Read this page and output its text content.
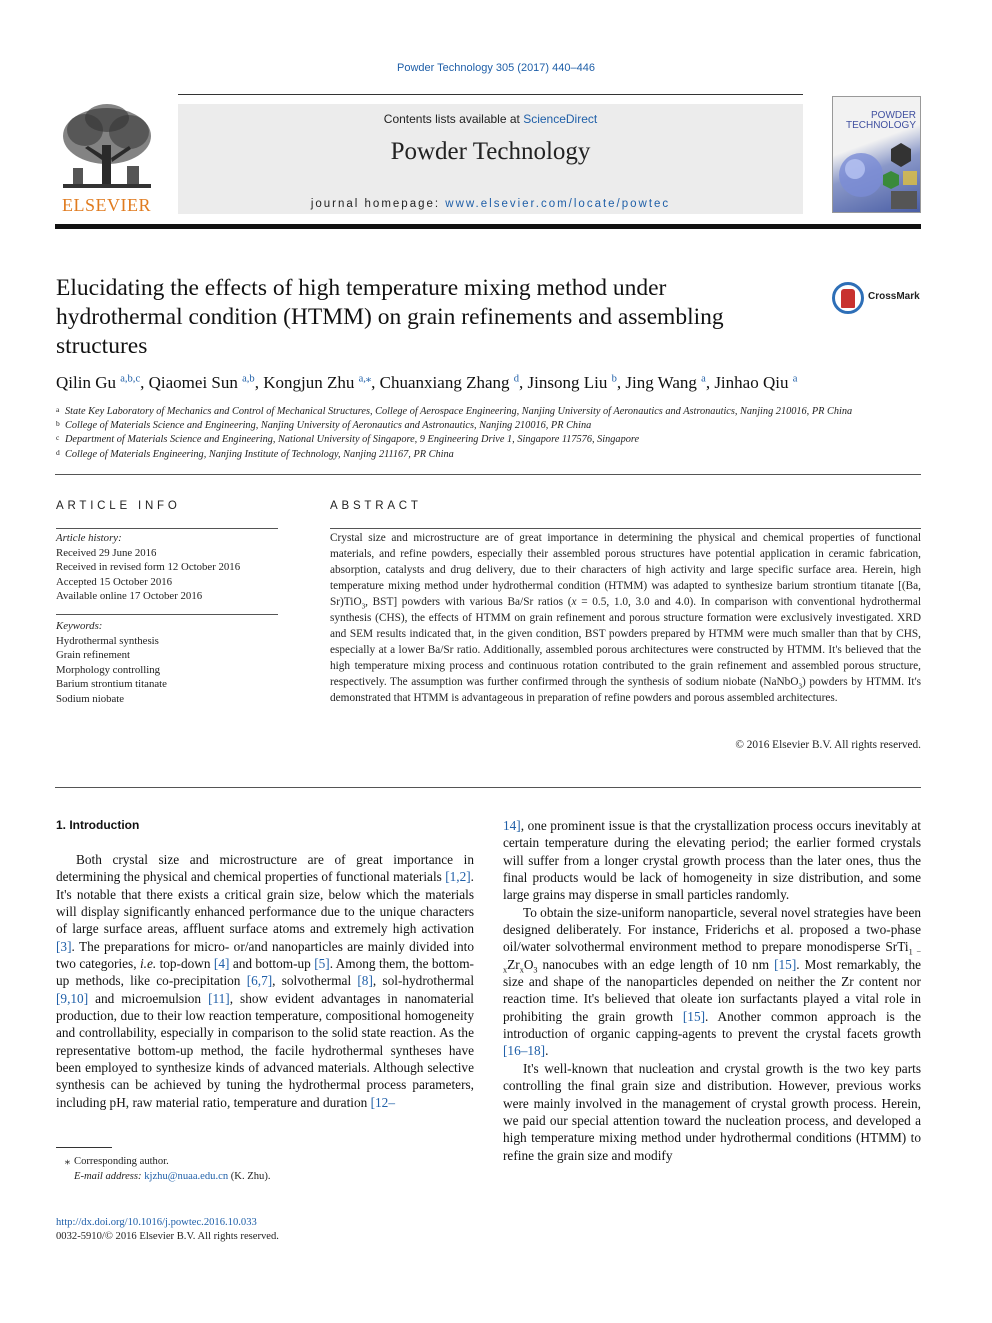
Powder Technology 305 (2017) 440–446
ELSEVIER
Contents lists available at ScienceDirect
Powder Technology
journal homepage: www.elsevier.com/locate/powtec
POWDER
TECHNOLOGY
Elucidating the effects of high temperature mixing method under hydrothermal condition (HTMM) on grain refinements and assembling structures
CrossMark
Qilin Gu $^{a,b,c}$, Qiaomei Sun $^{a,b}$, Kongjun Zhu $^{a,⁎}$, Chuanxiang Zhang $^d$, Jinsong Liu $^b$, Jing Wang $^a$, Jinhao Qiu $^a$
a State Key Laboratory of Mechanics and Control of Mechanical Structures, College of Aerospace Engineering, Nanjing University of Aeronautics and Astronautics, Nanjing 210016, PR China
b College of Materials Science and Engineering, Nanjing University of Aeronautics and Astronautics, Nanjing 210016, PR China
c Department of Materials Science and Engineering, National University of Singapore, 9 Engineering Drive 1, Singapore 117576, Singapore
d College of Materials Engineering, Nanjing Institute of Technology, Nanjing 211167, PR China
ARTICLE INFO
Article history:
Received 29 June 2016
Received in revised form 12 October 2016
Accepted 15 October 2016
Available online 17 October 2016
Keywords:
Hydrothermal synthesis
Grain refinement
Morphology controlling
Barium strontium titanate
Sodium niobate
ABSTRACT
Crystal size and microstructure are of great importance in determining the physical and chemical properties of functional materials, and refine powders, especially their assembled porous structures have potential application in ceramic fabrication, absorption, catalysts and drug delivery, due to their characters of high activity and large specific surface area. Herein, high temperature mixing method under hydrothermal condition (HTMM) was adapted to synthesize barium strontium titanate [(Ba, Sr)TiO$_3$, BST] powders with various Ba/Sr ratios (x = 0.5, 1.0, 3.0 and 4.0). In comparison with conventional hydrothermal synthesis (CHS), the effects of HTMM on grain refinement and porous structure formation were exclusively investigated. XRD and SEM results indicated that, in the given condition, BST powders prepared by HTMM were much smaller than that by CHS, especially at a lower Ba/Sr ratio. Additionally, assembled porous architectures were constructed by HTMM. It's believed that the high temperature mixing process and continuous rotation contributed to the grain refinement and assembled porous structure, respectively. The assumption was further confirmed through the synthesis of sodium niobate (NaNbO$_3$) powders by HTMM. It's demonstrated that HTMM is advantageous in preparation of refine powders and porous assembled architectures.
© 2016 Elsevier B.V. All rights reserved.
1. Introduction

Both crystal size and microstructure are of great importance in determining the physical and chemical properties of functional materials [1,2]. It's notable that there exists a critical grain size, below which the materials will display significantly enhanced performance due to the unique characters of large surface areas, affluent surface atoms and extremely high activation [3]. The preparations for micro- or/and nanoparticles are mainly divided into two categories, i.e. top-down [4] and bottom-up [5]. Among them, the bottom-up methods, like co-precipitation [6,7], solvothermal [8], sol-hydrothermal [9,10] and microemulsion [11], show evident advantages in nanomaterial production, due to their low reaction temperature, compositional homogeneity and controllability, especially in comparison to the solid state reaction. As the representative bottom-up method, the facile hydrothermal syntheses have been employed to synthesize kinds of advanced materials. Although selective synthesis can be achieved by tuning the hydrothermal process parameters, including pH, raw material ratio, temperature and duration [12–

14], one prominent issue is that the crystallization process occurs inevitably at certain temperature during the elevating period; the earlier formed crystals will suffer from a longer crystal growth process than the later ones, thus the final products would be lack of homogeneity in size distribution, and some large grains may disperse in small particles randomly.

To obtain the size-uniform nanoparticle, several novel strategies have been designed deliberately. For instance, Friderichs et al. proposed a two-phase oil/water solvothermal environment method to prepare monodisperse $SrTi_{1 - x}Zr_xO_3$ nanocubes with an edge length of 10 nm [15]. Most remarkably, the size and shape of the nanoparticles depended on neither the Zr content nor reaction time. It's believed that oleate ion surfactants played a vital role in prohibiting the grain growth [15]. Another common approach is the introduction of organic capping-agents to prevent the crystal facets growth [16–18].

It's well-known that nucleation and crystal growth is the two key parts controlling the final grain size and distribution. However, previous works were mainly involved in the management of crystal growth process. Herein, we paid our special attention toward the nucleation process, and developed a high temperature mixing method under hydrothermal conditions (HTMM) to refine the grain size and modify

⁎ Corresponding author.
E-mail address: kjzhu@nuaa.edu.cn (K. Zhu).
http://dx.doi.org/10.1016/j.powtec.2016.10.033
0032-5910/© 2016 Elsevier B.V. All rights reserved.
